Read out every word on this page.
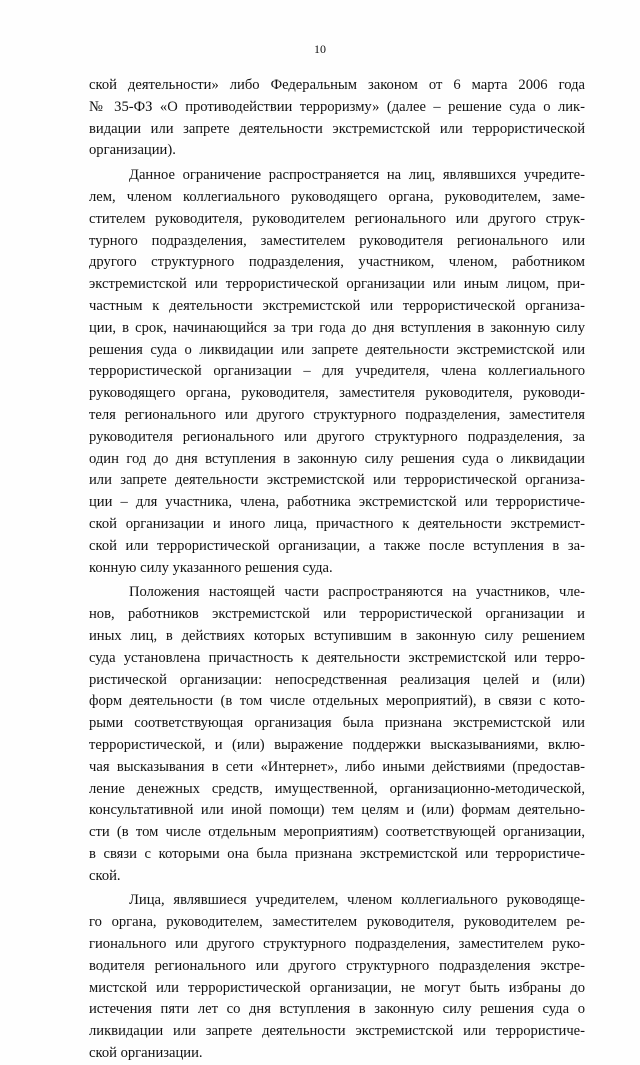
10
ской деятельности» либо Федеральным законом от 6 марта 2006 года
№ 35-ФЗ «О противодействии терроризму» (далее – решение суда о лик-
видации или запрете деятельности экстремистской или террористической
организации).
Данное ограничение распространяется на лиц, являвшихся учредите-
лем, членом коллегиального руководящего органа, руководителем, заме-
стителем руководителя, руководителем регионального или другого струк-
турного подразделения, заместителем руководителя регионального или
другого структурного подразделения, участником, членом, работником
экстремистской или террористической организации или иным лицом, при-
частным к деятельности экстремистской или террористической организа-
ции, в срок, начинающийся за три года до дня вступления в законную силу
решения суда о ликвидации или запрете деятельности экстремистской или
террористической организации – для учредителя, члена коллегиального
руководящего органа, руководителя, заместителя руководителя, руководи-
теля регионального или другого структурного подразделения, заместителя
руководителя регионального или другого структурного подразделения, за
один год до дня вступления в законную силу решения суда о ликвидации
или запрете деятельности экстремистской или террористической организа-
ции – для участника, члена, работника экстремистской или террористиче-
ской организации и иного лица, причастного к деятельности экстремист-
ской или террористической организации, а также после вступления в за-
конную силу указанного решения суда.
Положения настоящей части распространяются на участников, чле-
нов, работников экстремистской или террористической организации и
иных лиц, в действиях которых вступившим в законную силу решением
суда установлена причастность к деятельности экстремистской или терро-
ристической организации: непосредственная реализация целей и (или)
форм деятельности (в том числе отдельных мероприятий), в связи с кото-
рыми соответствующая организация была признана экстремистской или
террористической, и (или) выражение поддержки высказываниями, вклю-
чая высказывания в сети «Интернет», либо иными действиями (предостав-
ление денежных средств, имущественной, организационно-методической,
консультативной или иной помощи) тем целям и (или) формам деятельно-
сти (в том числе отдельным мероприятиям) соответствующей организации,
в связи с которыми она была признана экстремистской или террористиче-
ской.
Лица, являвшиеся учредителем, членом коллегиального руководяще-
го органа, руководителем, заместителем руководителя, руководителем ре-
гионального или другого структурного подразделения, заместителем руко-
водителя регионального или другого структурного подразделения экстре-
мистской или террористической организации, не могут быть избраны до
истечения пяти лет со дня вступления в законную силу решения суда о
ликвидации или запрете деятельности экстремистской или террористиче-
ской организации.
